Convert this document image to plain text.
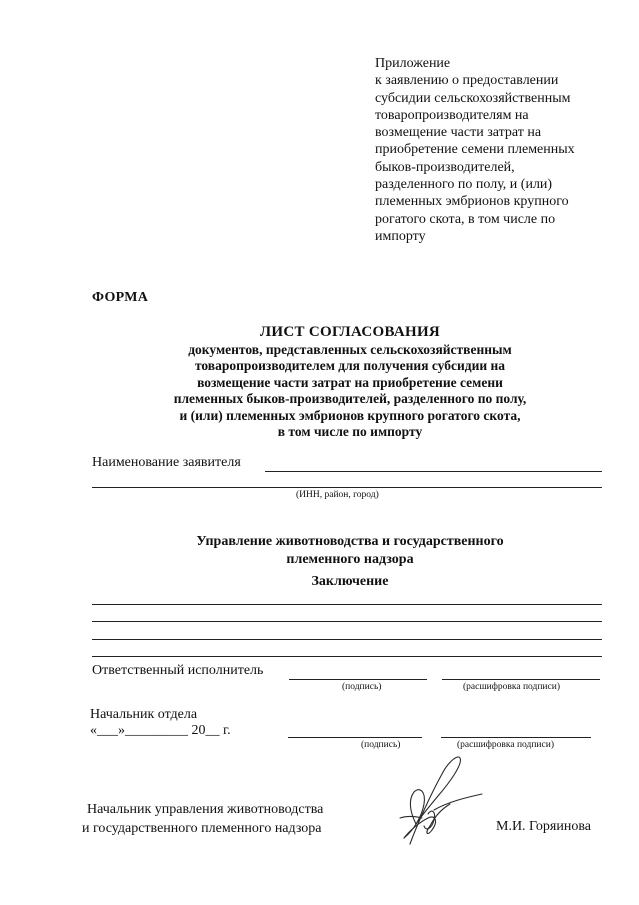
Приложение
к заявлению о предоставлении
субсидии сельскохозяйственным
товаропроизводителям на
возмещение части затрат на
приобретение семени племенных
быков-производителей,
разделенного по полу, и (или)
племенных эмбрионов крупного
рогатого скота, в том числе по
импорту
ФОРМА
ЛИСТ СОГЛАСОВАНИЯ
документов, представленных сельскохозяйственным
товаропроизводителем для получения субсидии на
возмещение части затрат на приобретение семени
племенных быков-производителей, разделенного по полу,
и (или) племенных эмбрионов крупного рогатого скота,
в том числе по импорту
Наименование заявителя
(ИНН, район, город)
Управление животноводства и государственного
племенного надзора
Заключение
Ответственный исполнитель
(подпись)	(расшифровка подписи)
Начальник отдела
«___»_________ 20__ г.
(подпись)	(расшифровка подписи)
Начальник управления животноводства
и государственного племенного надзора	М.И. Горяинова
